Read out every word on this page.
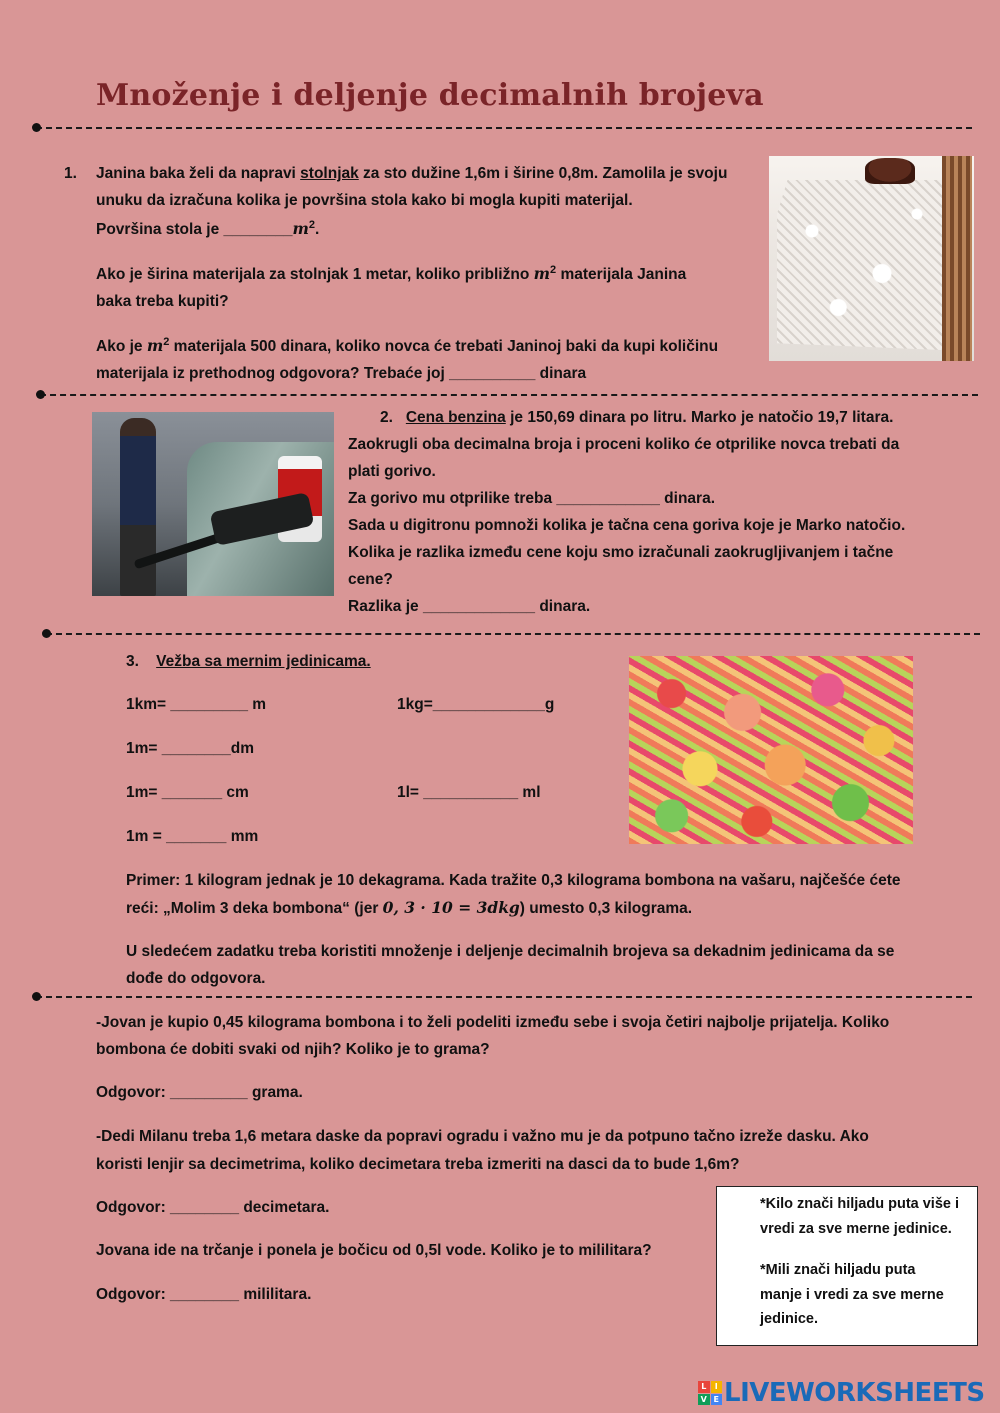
Množenje i deljenje decimalnih brojeva
1. Janina baka želi da napravi stolnjak za sto dužine 1,6m i širine 0,8m. Zamolila je svoju
unuku da izračuna kolika je površina stola kako bi mogla kupiti materijal.
Površina stola je $\_\_\_\_\_\_\_\_m^2$.
Ako je širina materijala za stolnjak 1 metar, koliko približno $m^2$ materijala Janina
baka treba kupiti?
Ako je $m^2$ materijala 500 dinara, koliko novca će trebati Janinoj baki da kupi količinu
materijala iz prethodnog odgovora? Trebaće joj __________ dinara
2. Cena benzina je 150,69 dinara po litru. Marko je natočio 19,7 litara.
Zaokrugli oba decimalna broja i proceni koliko će otprilike novca trebati da
plati gorivo.
Za gorivo mu otprilike treba ____________ dinara.
Sada u digitronu pomnoži kolika je tačna cena goriva koje je Marko natočio.
Kolika je razlika između cene koju smo izračunali zaokrugljivanjem i tačne
cene?
Razlika je _____________ dinara.
3. Vežba sa mernim jedinicama.
1km= _________ m	1kg=_____________g
1m= ________dm
1m= _______ cm	1l= ___________ ml
1m = _______ mm
Primer: 1 kilogram jednak je 10 dekagrama. Kada tražite 0,3 kilograma bombona na vašaru, najčešće ćete
reći: „Molim 3 deka bombona“ (jer 0, 3 · 10 = 3dkg) umesto 0,3 kilograma.
U sledećem zadatku treba koristiti množenje i deljenje decimalnih brojeva sa dekadnim jedinicama da se
dođe do odgovora.
-Jovan je kupio 0,45 kilograma bombona i to želi podeliti između sebe i svoja četiri najbolje prijatelja. Koliko
bombona će dobiti svaki od njih? Koliko je to grama?
Odgovor: _________ grama.
-Dedi Milanu treba 1,6 metara daske da popravi ogradu i važno mu je da potpuno tačno izreže dasku. Ako
koristi lenjir sa decimetrima, koliko decimetara treba izmeriti na dasci da to bude 1,6m?
Odgovor: ________ decimetara.
Jovana ide na trčanje i ponela je bočicu od 0,5l vode. Koliko je to mililitara?
Odgovor: ________ mililitara.
*Kilo znači hiljadu puta više i vredi za sve merne jedinice.
*Mili znači hiljadu puta manje i vredi za sve merne jedinice.
L	I
V E LIVEWORKSHEETS
